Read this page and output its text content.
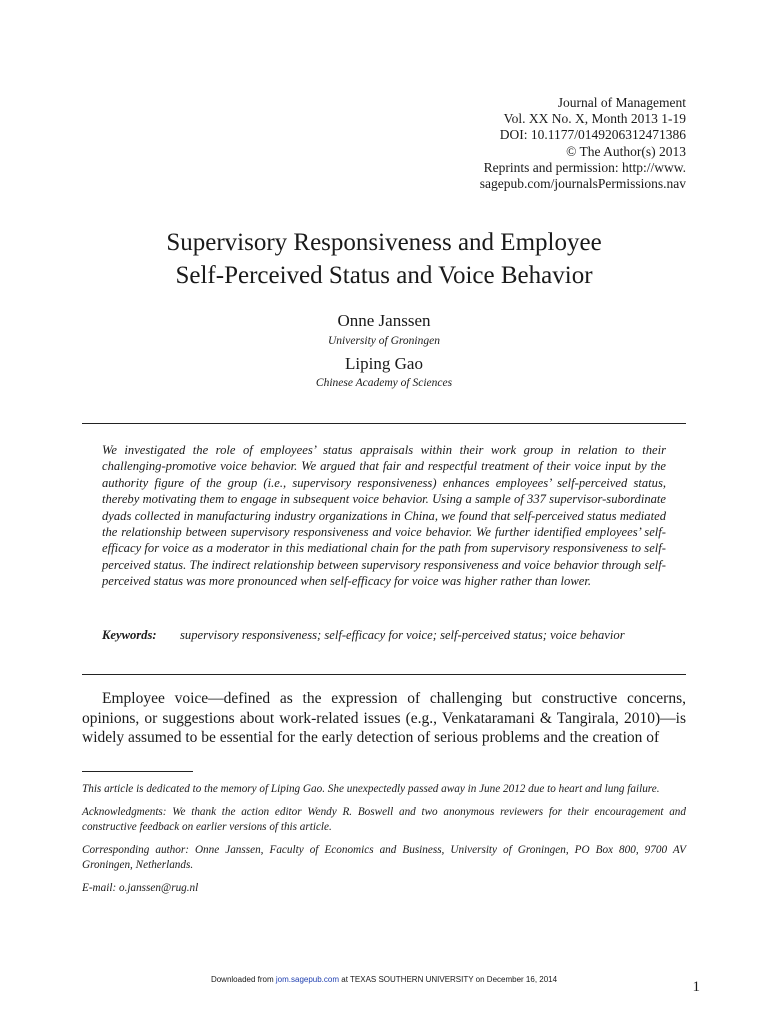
Journal of Management
Vol. XX No. X, Month 2013 1-19
DOI: 10.1177/0149206312471386
© The Author(s) 2013
Reprints and permission: http://www.
sagepub.com/journalsPermissions.nav
Supervisory Responsiveness and Employee
Self-Perceived Status and Voice Behavior
Onne Janssen
University of Groningen
Liping Gao
Chinese Academy of Sciences
We investigated the role of employees’ status appraisals within their work group in relation to their challenging-promotive voice behavior. We argued that fair and respectful treatment of their voice input by the authority figure of the group (i.e., supervisory responsiveness) enhances employees’ self-perceived status, thereby motivating them to engage in subsequent voice behavior. Using a sample of 337 supervisor-subordinate dyads collected in manufacturing industry organizations in China, we found that self-perceived status mediated the relationship between supervisory responsiveness and voice behavior. We further identified employees’ self-efficacy for voice as a moderator in this mediational chain for the path from supervisory responsiveness to self-perceived status. The indirect relationship between supervisory responsiveness and voice behavior through self-perceived status was more pronounced when self-efficacy for voice was higher rather than lower.
Keywords:	supervisory responsiveness; self-efficacy for voice; self-perceived status; voice behavior
Employee voice—defined as the expression of challenging but constructive concerns, opinions, or suggestions about work-related issues (e.g., Venkataramani & Tangirala, 2010)—is widely assumed to be essential for the early detection of serious problems and the creation of

This article is dedicated to the memory of Liping Gao. She unexpectedly passed away in June 2012 due to heart and lung failure.

Acknowledgments: We thank the action editor Wendy R. Boswell and two anonymous reviewers for their encouragement and constructive feedback on earlier versions of this article.

Corresponding author: Onne Janssen, Faculty of Economics and Business, University of Groningen, PO Box 800, 9700 AV Groningen, Netherlands.

E-mail: o.janssen@rug.nl

Downloaded from jom.sagepub.com at TEXAS SOUTHERN UNIVERSITY on December 16, 2014	1
